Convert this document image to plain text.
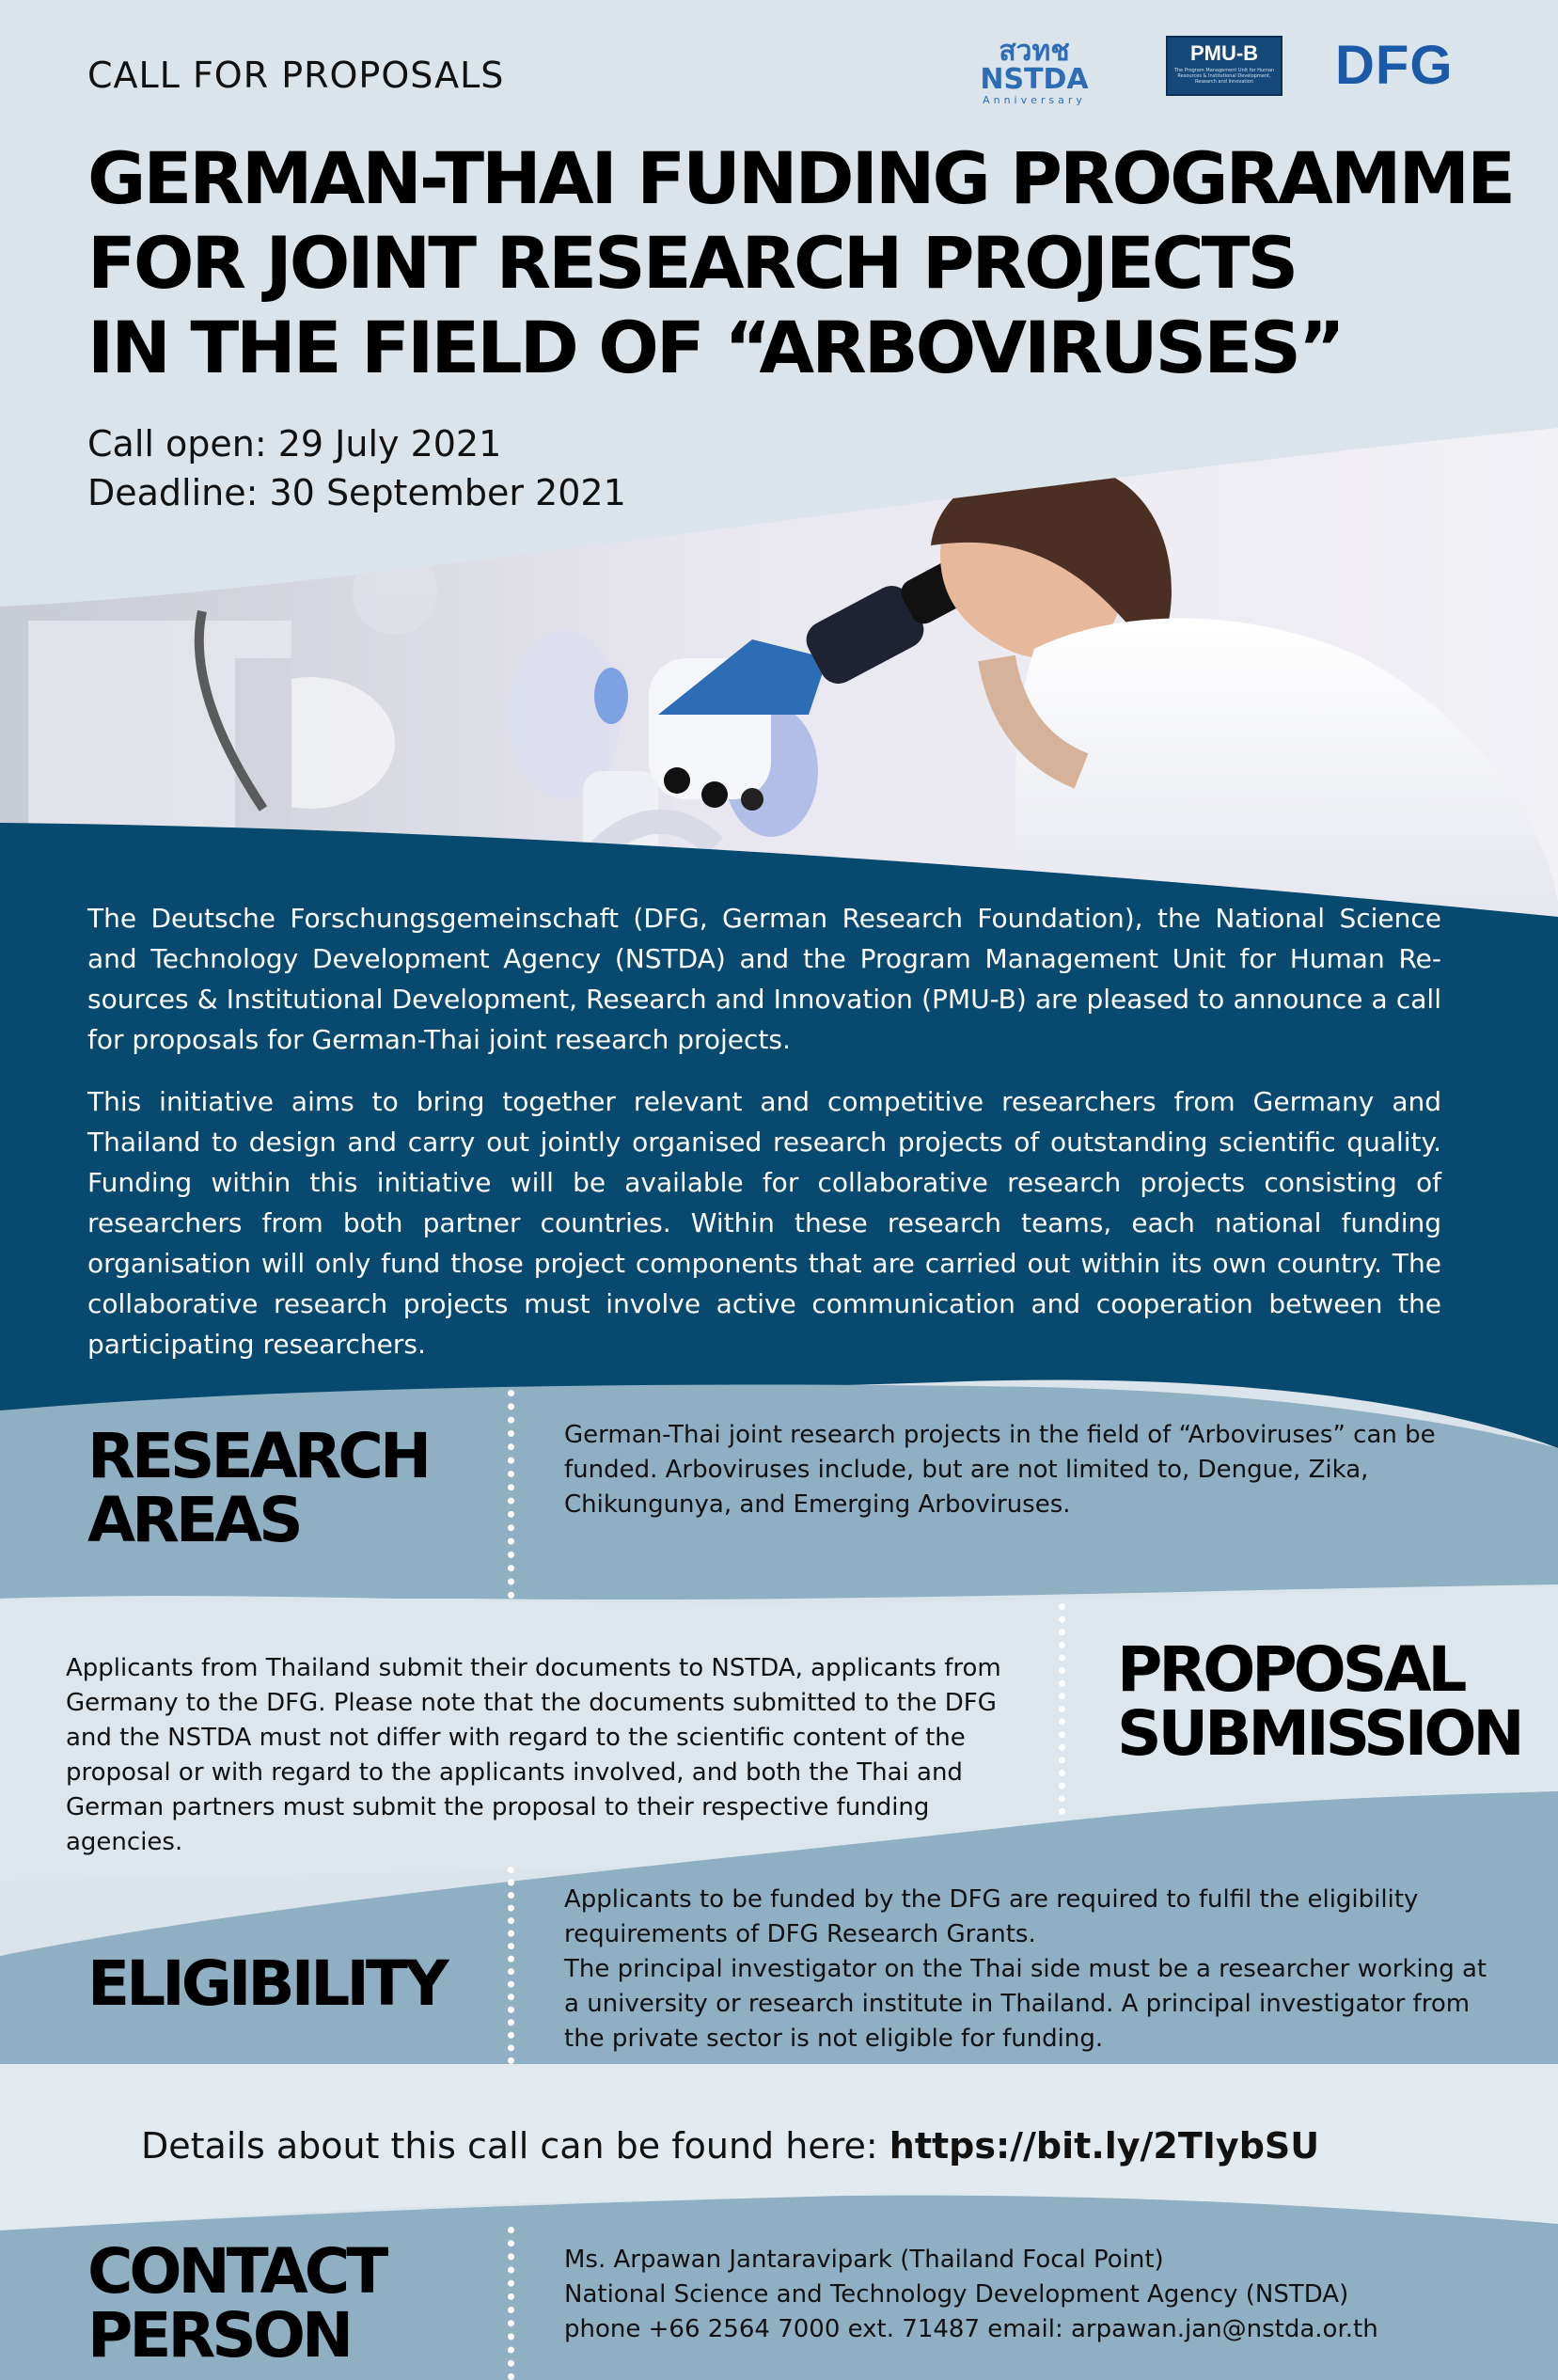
สวทช NSTDA
Anniversary
PMU-B
The Program Management Unit for Human Resources & Institutional Development, Research and Innovation	DFG
CALL FOR PROPOSALS
GERMAN-THAI FUNDING PROGRAMME
FOR JOINT RESEARCH PROJECTS
IN THE FIELD OF “ARBOVIRUSES”
Call open: 29 July 2021
Deadline: 30 September 2021

The Deutsche Forschungsgemeinschaft (DFG, German Research Foundation), the National Science and Technology Development Agency (NSTDA) and the Program Management Unit for Human Re-sources & Institutional Development, Research and Innovation (PMU-B) are pleased to announce a call for proposals for German-Thai joint research projects.

This initiative aims to bring together relevant and competitive researchers from Germany and Thailand to design and carry out jointly organised research projects of outstanding scientific quality. Funding within this initiative will be available for collaborative research projects consisting of researchers from both partner countries. Within these research teams, each national funding organisation will only fund those project components that are carried out within its own country. The collaborative research projects must involve active communication and cooperation between the participating researchers.

RESEARCH
AREAS

German-Thai joint research projects in the field of “Arboviruses” can be funded. Arboviruses include, but are not limited to, Dengue, Zika, Chikungunya, and Emerging Arboviruses.

Applicants from Thailand submit their documents to NSTDA, applicants from Germany to the DFG. Please note that the documents submitted to the DFG and the NSTDA must not differ with regard to the scientific content of the proposal or with regard to the applicants involved, and both the Thai and German partners must submit the proposal to their respective funding agencies.

PROPOSAL
SUBMISSION
ELIGIBILITY

Applicants to be funded by the DFG are required to fulfil the eligibility requirements of DFG Research Grants.

The principal investigator on the Thai side must be a researcher working at a university or research institute in Thailand. A principal investigator from the private sector is not eligible for funding.

Details about this call can be found here: https://bit.ly/2TIybSU
CONTACT
PERSON

Ms. Arpawan Jantaravipark (Thailand Focal Point)

National Science and Technology Development Agency (NSTDA)

phone +66 2564 7000 ext. 71487 email: arpawan.jan@nstda.or.th
